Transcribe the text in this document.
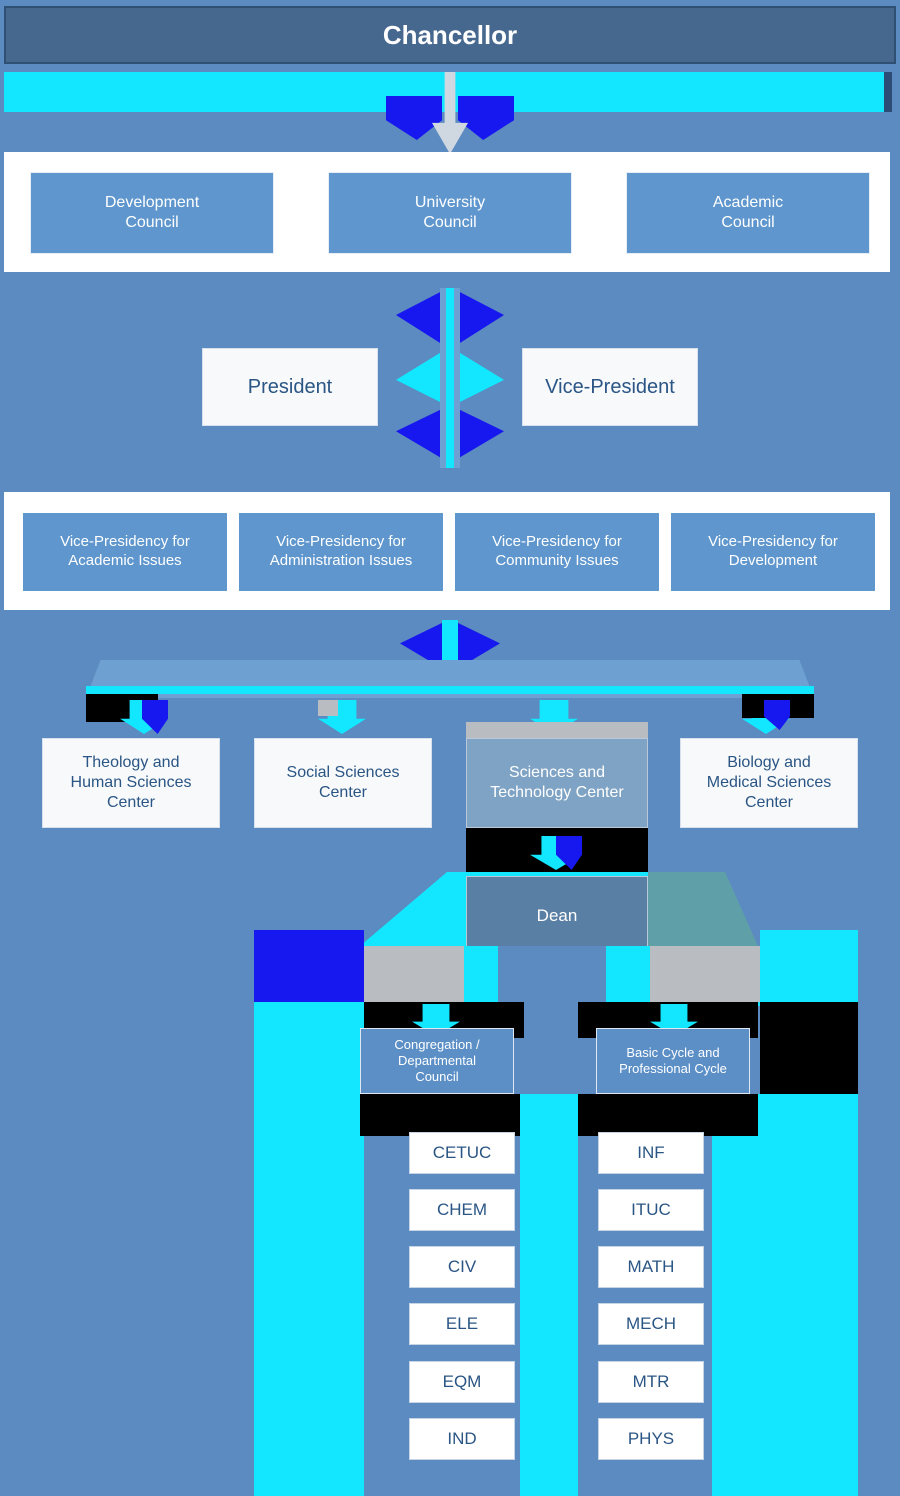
Chancellor
Development
Council
University
Council
Academic
Council
President	Vice-President
Vice-Presidency for
Academic Issues
Vice-Presidency for
Administration Issues
Vice-Presidency for
Community Issues
Vice-Presidency for
Development
Theology and
Human Sciences
Center
Social Sciences
Center
Sciences and
Technology Center
Biology and
Medical Sciences
Center
Dean
Congregation /
Departmental
Council
Basic Cycle and
Professional Cycle
CETUC
CHEM
CIV
ELE
EQM
IND
INF
ITUC
MATH
MECH
MTR
PHYS
